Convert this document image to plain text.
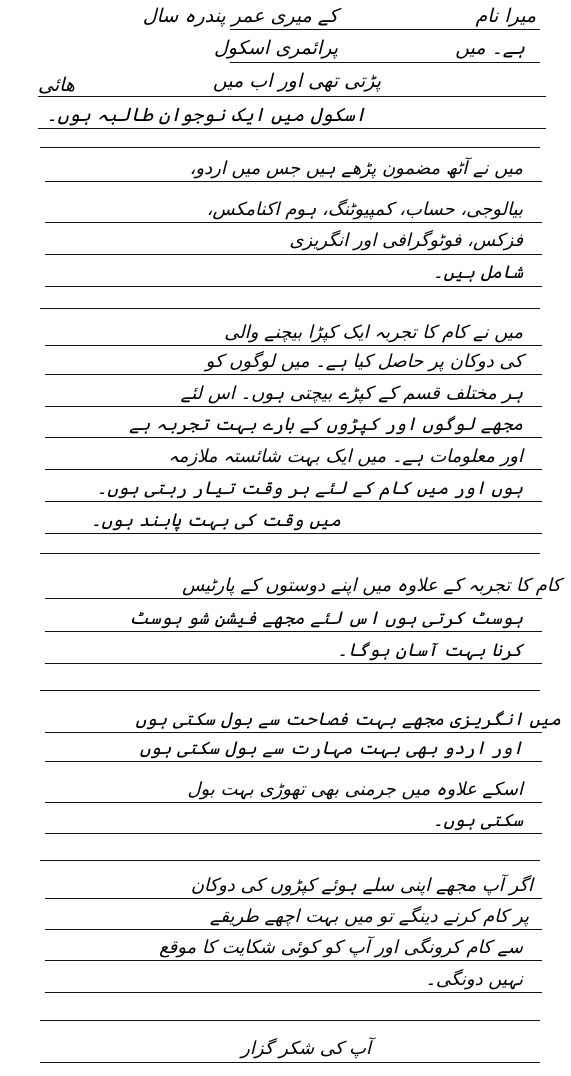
میرا نام
کے میری عمر پندرہ سال
ہے۔ میں
پرائمری اسکول
پڑتی تھی اور اب میں
ھائی
اسکول میں ایک نوجوان طالبہ ہوں۔
میں نے آٹھ مضمون پڑھے ہیں جس میں اردو،
بیالوجی، حساب، کمپیوٹنگ، ہوم اکنامکس،
فزکس، فوٹوگرافی اور انگریزی
شامل ہیں۔
میں نے کام کا تجربہ ایک کپڑا بیچنے والی
کی دوکان پر حاصل کیا ہے۔ میں لوگوں کو
ہر مختلف قسم کے کپڑے بیچتی ہوں۔ اس لئے
مجھے لوگوں اور کپڑوں کے بارے بہت تجربہ ہے
اور معلومات ہے۔ میں ایک بہت شائستہ ملازمہ
ہوں اور میں کام کے لئے ہر وقت تیار رہتی ہوں۔
میں وقت کی بہت پابند ہوں۔
کام کا تجربہ کے علاوہ میں اپنے دوستوں کے پارٹیس
ہوسٹ کرتی ہوں اس لئے مجھے فیشن شو ہوسٹ
کرنا بہت آسان ہوگا۔
میں انگریزی مجھے بہت فصاحت سے بول سکتی ہوں
اور اردو بھی بہت مہارت سے بول سکتی ہوں
اسکے علاوہ میں جرمنی بھی تھوڑی بہت بول
سکتی ہوں۔
اگر آپ مجھے اپنی سلے ہوئے کپڑوں کی دوکان
پر کام کرنے دینگے تو میں بہت اچھے طریقے
سے کام کرونگی اور آپ کو کوئی شکایت کا موقع
نہیں دونگی۔
آپ کی شکر گزار
